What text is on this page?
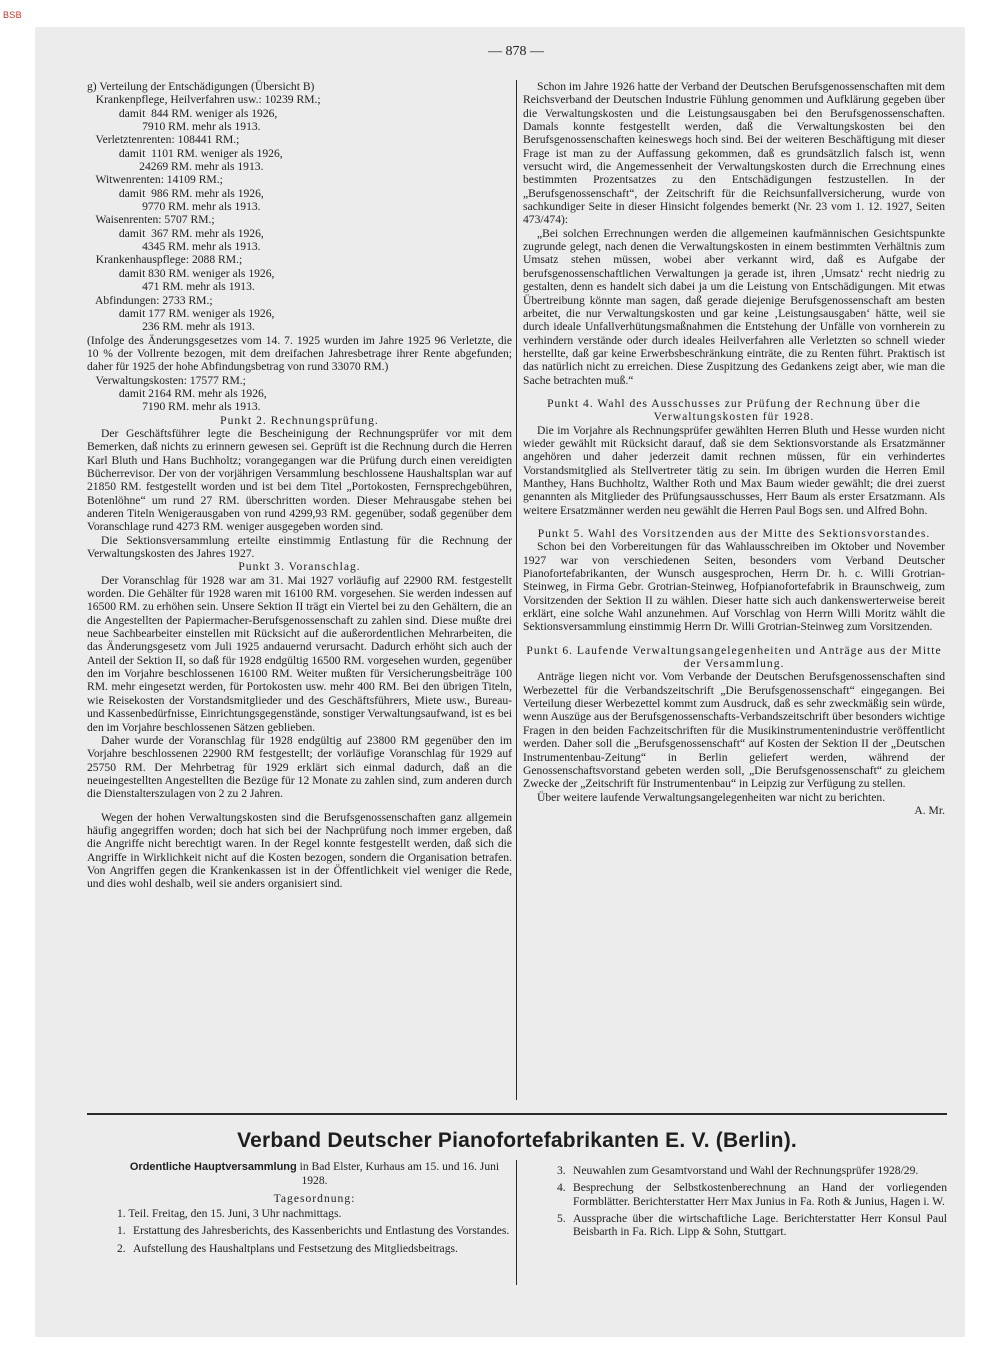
BSB
— 878 —

g) Verteilung der Entschädigungen (Übersicht B)

Krankenpflege, Heilverfahren usw.: 10239 RM.;

damit  844 RM. weniger als 1926,

7910 RM. mehr als 1913.

Verletztenrenten: 108441 RM.;

damit  1101 RM. weniger als 1926,

24269 RM. mehr als 1913.

Witwenrenten: 14109 RM.;

damit  986 RM. mehr als 1926,

9770 RM. mehr als 1913.

Waisenrenten: 5707 RM.;

damit  367 RM. mehr als 1926,

4345 RM. mehr als 1913.

Krankenhauspflege: 2088 RM.;

damit 830 RM. weniger als 1926,

471 RM. mehr als 1913.

Abfindungen: 2733 RM.;

damit 177 RM. weniger als 1926,

236 RM. mehr als 1913.

(Infolge des Änderungsgesetzes vom 14. 7. 1925 wurden im Jahre 1925 96 Verletzte, die 10 % der Vollrente bezogen, mit dem dreifachen Jahresbetrage ihrer Rente abgefunden; daher für 1925 der hohe Abfindungsbetrag von rund 33070 RM.)

Verwaltungskosten: 17577 RM.;

damit 2164 RM. mehr als 1926,

7190 RM. mehr als 1913.

Punkt 2. Rechnungsprüfung.

Der Geschäftsführer legte die Bescheinigung der Rechnungsprüfer vor mit dem Bemerken, daß nichts zu erinnern gewesen sei. Geprüft ist die Rechnung durch die Herren Karl Bluth und Hans Buchholtz; vorangegangen war die Prüfung durch einen vereidigten Bücherrevisor. Der von der vorjährigen Versammlung beschlossene Haushaltsplan war auf 21850 RM. festgestellt worden und ist bei dem Titel „Portokosten, Fernsprechgebühren, Botenlöhne“ um rund 27 RM. überschritten worden. Dieser Mehrausgabe stehen bei anderen Titeln Wenigerausgaben von rund 4299,93 RM. gegenüber, sodaß gegenüber dem Voranschlage rund 4273 RM. weniger ausgegeben worden sind.

Die Sektionsversammlung erteilte einstimmig Entlastung für die Rechnung der Verwaltungskosten des Jahres 1927.

Punkt 3. Voranschlag.

Der Voranschlag für 1928 war am 31. Mai 1927 vorläufig auf 22900 RM. festgestellt worden. Die Gehälter für 1928 waren mit 16100 RM. vorgesehen. Sie werden indessen auf 16500 RM. zu erhöhen sein. Unsere Sektion II trägt ein Viertel bei zu den Gehältern, die an die Angestellten der Papiermacher-Berufsgenossenschaft zu zahlen sind. Diese mußte drei neue Sachbearbeiter einstellen mit Rücksicht auf die außerordentlichen Mehrarbeiten, die das Änderungsgesetz vom Juli 1925 andauernd verursacht. Dadurch erhöht sich auch der Anteil der Sektion II, so daß für 1928 endgültig 16500 RM. vorgesehen wurden, gegenüber den im Vorjahre beschlossenen 16100 RM. Weiter mußten für Versicherungsbeiträge 100 RM. mehr eingesetzt werden, für Portokosten usw. mehr 400 RM. Bei den übrigen Titeln, wie Reisekosten der Vorstandsmitglieder und des Geschäftsführers, Miete usw., Bureau- und Kassenbedürfnisse, Einrichtungsgegenstände, sonstiger Verwaltungsaufwand, ist es bei den im Vorjahre beschlossenen Sätzen geblieben.

Daher wurde der Voranschlag für 1928 endgültig auf 23800 RM gegenüber den im Vorjahre beschlossenen 22900 RM festgestellt; der vorläufige Voranschlag für 1929 auf 25750 RM. Der Mehrbetrag für 1929 erklärt sich einmal dadurch, daß an die neueingestellten Angestellten die Bezüge für 12 Monate zu zahlen sind, zum anderen durch die Dienstalterszulagen von 2 zu 2 Jahren.

Wegen der hohen Verwaltungskosten sind die Berufsgenossenschaften ganz allgemein häufig angegriffen worden; doch hat sich bei der Nachprüfung noch immer ergeben, daß die Angriffe nicht berechtigt waren. In der Regel konnte festgestellt werden, daß sich die Angriffe in Wirklichkeit nicht auf die Kosten bezogen, sondern die Organisation betrafen. Von Angriffen gegen die Krankenkassen ist in der Öffentlichkeit viel weniger die Rede, und dies wohl deshalb, weil sie anders organisiert sind.

Schon im Jahre 1926 hatte der Verband der Deutschen Berufsgenossenschaften mit dem Reichsverband der Deutschen Industrie Fühlung genommen und Aufklärung gegeben über die Verwaltungskosten und die Leistungsausgaben bei den Berufsgenossenschaften. Damals konnte festgestellt werden, daß die Verwaltungskosten bei den Berufsgenossenschaften keineswegs hoch sind. Bei der weiteren Beschäftigung mit dieser Frage ist man zu der Auffassung gekommen, daß es grundsätzlich falsch ist, wenn versucht wird, die Angemessenheit der Verwaltungskosten durch die Errechnung eines bestimmten Prozentsatzes zu den Entschädigungen festzustellen. In der „Berufsgenossenschaft“, der Zeitschrift für die Reichsunfallversicherung, wurde von sachkundiger Seite in dieser Hinsicht folgendes bemerkt (Nr. 23 vom 1. 12. 1927, Seiten 473/474):

„Bei solchen Errechnungen werden die allgemeinen kaufmännischen Gesichtspunkte zugrunde gelegt, nach denen die Verwaltungskosten in einem bestimmten Verhältnis zum Umsatz stehen müssen, wobei aber verkannt wird, daß es Aufgabe der berufsgenossenschaftlichen Verwaltungen ja gerade ist, ihren ‚Umsatz‘ recht niedrig zu gestalten, denn es handelt sich dabei ja um die Leistung von Entschädigungen. Mit etwas Übertreibung könnte man sagen, daß gerade diejenige Berufsgenossenschaft am besten arbeitet, die nur Verwaltungskosten und gar keine ‚Leistungsausgaben‘ hätte, weil sie durch ideale Unfallverhütungsmaßnahmen die Entstehung der Unfälle von vornherein zu verhindern verstände oder durch ideales Heilverfahren alle Verletzten so schnell wieder herstellte, daß gar keine Erwerbsbeschränkung einträte, die zu Renten führt. Praktisch ist das natürlich nicht zu erreichen. Diese Zuspitzung des Gedankens zeigt aber, wie man die Sache betrachten muß.“

Punkt 4. Wahl des Ausschusses zur Prüfung der Rechnung über die Verwaltungskosten für 1928.

Die im Vorjahre als Rechnungsprüfer gewählten Herren Bluth und Hesse wurden nicht wieder gewählt mit Rücksicht darauf, daß sie dem Sektionsvorstande als Ersatzmänner angehören und daher jederzeit damit rechnen müssen, für ein verhindertes Vorstandsmitglied als Stellvertreter tätig zu sein. Im übrigen wurden die Herren Emil Manthey, Hans Buchholtz, Walther Roth und Max Baum wieder gewählt; die drei zuerst genannten als Mitglieder des Prüfungsausschusses, Herr Baum als erster Ersatzmann. Als weitere Ersatzmänner werden neu gewählt die Herren Paul Bogs sen. und Alfred Bohn.

Punkt 5. Wahl des Vorsitzenden aus der Mitte des Sektionsvorstandes.

Schon bei den Vorbereitungen für das Wahlausschreiben im Oktober und November 1927 war von verschiedenen Seiten, besonders vom Verband Deutscher Pianofortefabrikanten, der Wunsch ausgesprochen, Herrn Dr. h. c. Willi Grotrian-Steinweg, in Firma Gebr. Grotrian-Steinweg, Hofpianofortefabrik in Braunschweig, zum Vorsitzenden der Sektion II zu wählen. Dieser hatte sich auch dankenswerterweise bereit erklärt, eine solche Wahl anzunehmen. Auf Vorschlag von Herrn Willi Moritz wählt die Sektionsversammlung einstimmig Herrn Dr. Willi Grotrian-Steinweg zum Vorsitzenden.

Punkt 6. Laufende Verwaltungsangelegenheiten und Anträge aus der Mitte der Versammlung.

Anträge liegen nicht vor. Vom Verbande der Deutschen Berufsgenossenschaften sind Werbezettel für die Verbandszeitschrift „Die Berufsgenossenschaft“ eingegangen. Bei Verteilung dieser Werbezettel kommt zum Ausdruck, daß es sehr zweckmäßig sein würde, wenn Auszüge aus der Berufsgenossenschafts-Verbandszeitschrift über besonders wichtige Fragen in den beiden Fachzeitschriften für die Musikinstrumentenindustrie veröffentlicht werden. Daher soll die „Berufsgenossenschaft“ auf Kosten der Sektion II der „Deutschen Instrumentenbau-Zeitung“ in Berlin geliefert werden, während der Genossenschaftsvorstand gebeten werden soll, „Die Berufsgenossenschaft“ zu gleichem Zwecke der „Zeitschrift für Instrumentenbau“ in Leipzig zur Verfügung zu stellen.

Über weitere laufende Verwaltungsangelegenheiten war nicht zu berichten.

A. Mr.

Verband Deutscher Pianofortefabrikanten E. V. (Berlin).

Ordentliche Hauptversammlung in Bad Elster, Kurhaus am 15. und 16. Juni 1928.

Tagesordnung:

1. Teil. Freitag, den 15. Juni, 3 Uhr nachmittags.

1. Erstattung des Jahresberichts, des Kassenberichts und Entlastung des Vorstandes.
2. Aufstellung des Haushaltplans und Festsetzung des Mitgliedsbeitrags.
3. Neuwahlen zum Gesamtvorstand und Wahl der Rechnungsprüfer 1928/29.
4. Besprechung der Selbstkostenberechnung an Hand der vorliegenden Formblätter. Berichterstatter Herr Max Junius in Fa. Roth & Junius, Hagen i. W.
5. Aussprache über die wirtschaftliche Lage. Berichterstatter Herr Konsul Paul Beisbarth in Fa. Rich. Lipp & Sohn, Stuttgart.
